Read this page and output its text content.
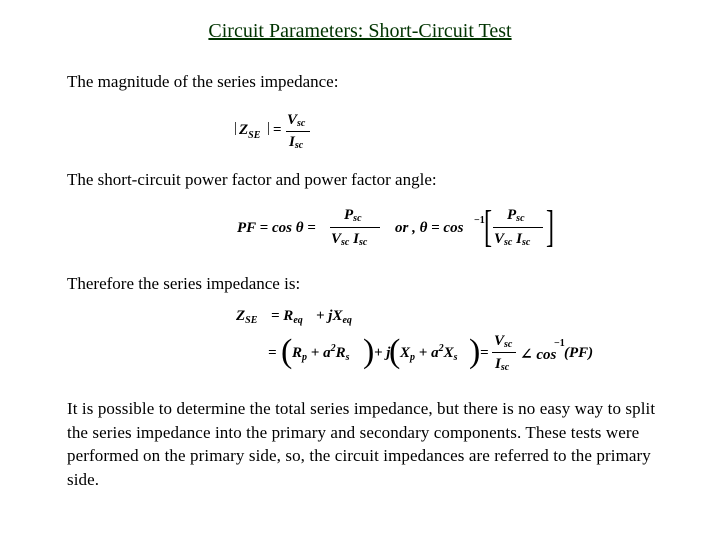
Circuit Parameters: Short-Circuit Test
The magnitude of the series impedance:
| $Z_{SE}$ | =
Vsc
Isc
The short-circuit power factor and power factor angle:
PF = cos θ =
Psc
Vsc Isc
or , θ = cos −1 [ Psc
Vsc Isc ]
Therefore the series impedance is:
$Z_{SE} = R_{eq} + jX_{eq}$
= ( $R_p + a^2R_s$ ) + j
( $X_p + a^2X_s$ ) =
Vsc
Isc
∠ cos
−1
(PF)
It is possible to determine the total series impedance, but there is no easy way to split the series impedance into the primary and secondary components. These tests were performed on the primary side, so, the circuit impedances are referred to the primary side.
